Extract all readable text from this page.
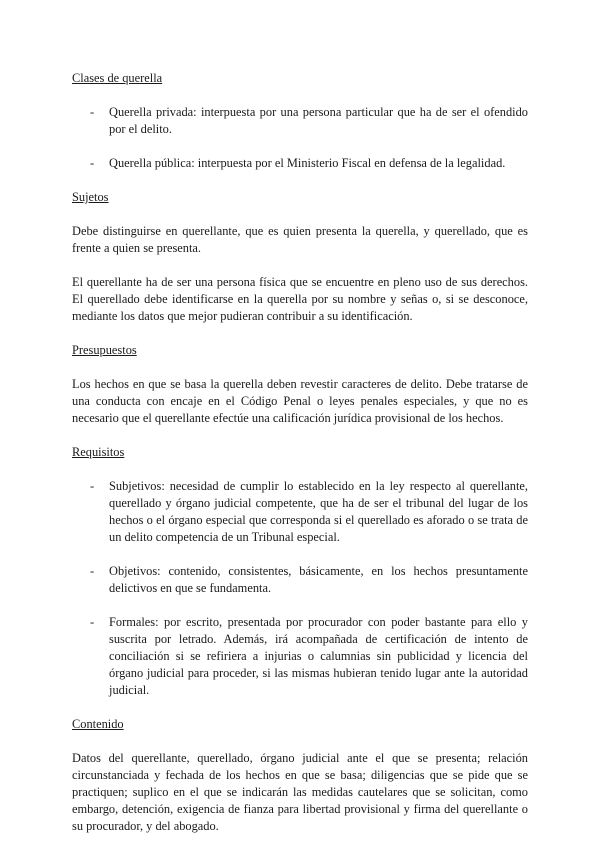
Clases de querella
- Querella privada: interpuesta por una persona particular que ha de ser el ofendido por el delito.
- Querella pública: interpuesta por el Ministerio Fiscal en defensa de la legalidad.
Sujetos

Debe distinguirse en querellante, que es quien presenta la querella, y querellado, que es frente a quien se presenta.

El querellante ha de ser una persona física que se encuentre en pleno uso de sus derechos. El querellado debe identificarse en la querella por su nombre y señas o, si se desconoce, mediante los datos que mejor pudieran contribuir a su identificación.

Presupuestos

Los hechos en que se basa la querella deben revestir caracteres de delito. Debe tratarse de una conducta con encaje en el Código Penal o leyes penales especiales, y que no es necesario que el querellante efectúe una calificación jurídica provisional de los hechos.

Requisitos
- Subjetivos: necesidad de cumplir lo establecido en la ley respecto al querellante, querellado y órgano judicial competente, que ha de ser el tribunal del lugar de los hechos o el órgano especial que corresponda si el querellado es aforado o se trata de un delito competencia de un Tribunal especial.
- Objetivos: contenido, consistentes, básicamente, en los hechos presuntamente delictivos en que se fundamenta.
- Formales: por escrito, presentada por procurador con poder bastante para ello y suscrita por letrado. Además, irá acompañada de certificación de intento de conciliación si se refiriera a injurias o calumnias sin publicidad y licencia del órgano judicial para proceder, si las mismas hubieran tenido lugar ante la autoridad judicial.
Contenido

Datos del querellante, querellado, órgano judicial ante el que se presenta; relación circunstanciada y fechada de los hechos en que se basa; diligencias que se pide que se practiquen; suplico en el que se indicarán las medidas cautelares que se solicitan, como embargo, detención, exigencia de fianza para libertad provisional y firma del querellante o su procurador, y del abogado.
